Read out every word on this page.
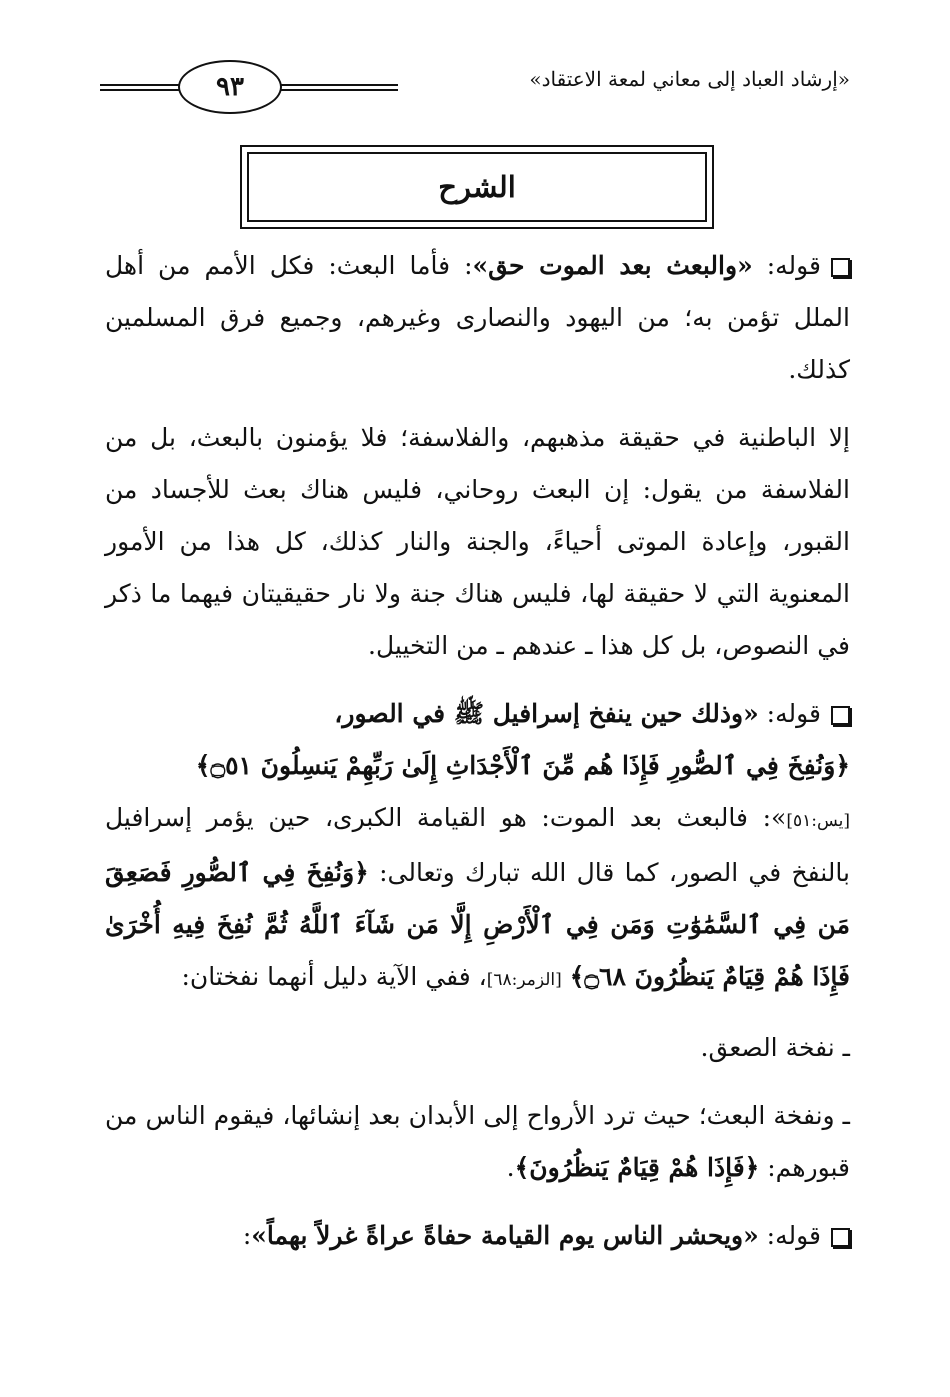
٩٣	«إرشاد العباد إلى معاني لمعة الاعتقاد»
الشرح

قوله: «والبعث بعد الموت حق»: فأما البعث: فكل الأمم من أهل الملل تؤمن به؛ من اليهود والنصارى وغيرهم، وجميع فرق المسلمين كذلك.

إلا الباطنية في حقيقة مذهبهم، والفلاسفة؛ فلا يؤمنون بالبعث، بل من الفلاسفة من يقول: إن البعث روحاني، فليس هناك بعث للأجساد من القبور، وإعادة الموتى أحياءً، والجنة والنار كذلك، كل هذا من الأمور المعنوية التي لا حقيقة لها، فليس هناك جنة ولا نار حقيقيتان فيهما ما ذكر في النصوص، بل كل هذا ـ عندهم ـ من التخييل.

قوله: «وذلك حين ينفخ إسرافيل ﷺ في الصور،
﴿وَنُفِخَ فِي ٱلصُّورِ فَإِذَا هُم مِّنَ ٱلْأَجْدَاثِ إِلَىٰ رَبِّهِمْ يَنسِلُونَ ۝٥١﴾
[يس:٥١]»: فالبعث بعد الموت: هو القيامة الكبرى، حين يؤمر إسرافيل بالنفخ في الصور، كما قال الله تبارك وتعالى: ﴿وَنُفِخَ فِي ٱلصُّورِ فَصَعِقَ مَن فِي ٱلسَّمَٰوَٰتِ وَمَن فِي ٱلْأَرْضِ إِلَّا مَن شَآءَ ٱللَّهُ ثُمَّ نُفِخَ فِيهِ أُخْرَىٰ فَإِذَا هُمْ قِيَامٌ يَنظُرُونَ ۝٦٨﴾ [الزمر:٦٨]، ففي الآية دليل أنهما نفختان:

ـ نفخة الصعق.

ـ ونفخة البعث؛ حيث ترد الأرواح إلى الأبدان بعد إنشائها، فيقوم الناس من قبورهم: ﴿فَإِذَا هُمْ قِيَامٌ يَنظُرُونَ﴾.

قوله: «ويحشر الناس يوم القيامة حفاةً عراةً غرلاً بهماً»:
